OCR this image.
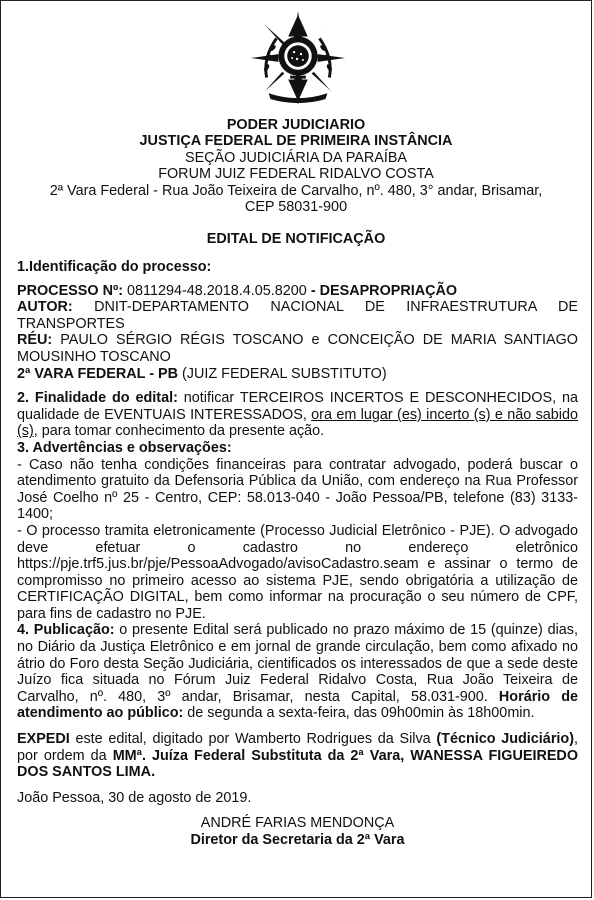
PODER JUDICIARIO
JUSTIÇA FEDERAL DE PRIMEIRA INSTÂNCIA
SEÇÃO JUDICIÁRIA DA PARAÍBA
FORUM JUIZ FEDERAL RIDALVO COSTA
2ª Vara Federal - Rua João Teixeira de Carvalho, nº. 480, 3° andar, Brisamar,
CEP 58031-900
EDITAL DE NOTIFICAÇÃO

1.Identificação do processo:

PROCESSO Nº: 0811294-48.2018.4.05.8200 - DESAPROPRIAÇÃO

AUTOR: DNIT-DEPARTAMENTO NACIONAL DE INFRAESTRUTURA DE TRANSPORTES

RÉU: PAULO SÉRGIO RÉGIS TOSCANO e CONCEIÇÃO DE MARIA SANTIAGO MOUSINHO TOSCANO

2ª VARA FEDERAL - PB (JUIZ FEDERAL SUBSTITUTO)

2. Finalidade do edital: notificar TERCEIROS INCERTOS E DESCONHECIDOS, na qualidade de EVENTUAIS INTERESSADOS, ora em lugar (es) incerto (s) e não sabido (s), para tomar conhecimento da presente ação.

3. Advertências e observações:

- Caso não tenha condições financeiras para contratar advogado, poderá buscar o atendimento gratuito da Defensoria Pública da União, com endereço na Rua Professor José Coelho nº 25 - Centro, CEP: 58.013-040 - João Pessoa/PB, telefone (83) 3133-1400;

- O processo tramita eletronicamente (Processo Judicial Eletrônico - PJE). O advogado deve efetuar o cadastro no endereço eletrônico https://pje.trf5.jus.br/pje/PessoaAdvogado/avisoCadastro.seam e assinar o termo de compromisso no primeiro acesso ao sistema PJE, sendo obrigatória a utilização de CERTIFICAÇÃO DIGITAL, bem como informar na procuração o seu número de CPF, para fins de cadastro no PJE.

4. Publicação: o presente Edital será publicado no prazo máximo de 15 (quinze) dias, no Diário da Justiça Eletrônico e em jornal de grande circulação, bem como afixado no átrio do Foro desta Seção Judiciária, cientificados os interessados de que a sede deste Juízo fica situada no Fórum Juiz Federal Ridalvo Costa, Rua João Teixeira de Carvalho, nº. 480, 3º andar, Brisamar, nesta Capital, 58.031-900. Horário de atendimento ao público: de segunda a sexta-feira, das 09h00min às 18h00min.

EXPEDI este edital, digitado por Wamberto Rodrigues da Silva (Técnico Judiciário), por ordem da MMª. Juíza Federal Substituta da 2ª Vara, WANESSA FIGUEIREDO DOS SANTOS LIMA.

João Pessoa, 30 de agosto de 2019.

ANDRÉ FARIAS MENDONÇA
Diretor da Secretaria da 2ª Vara
